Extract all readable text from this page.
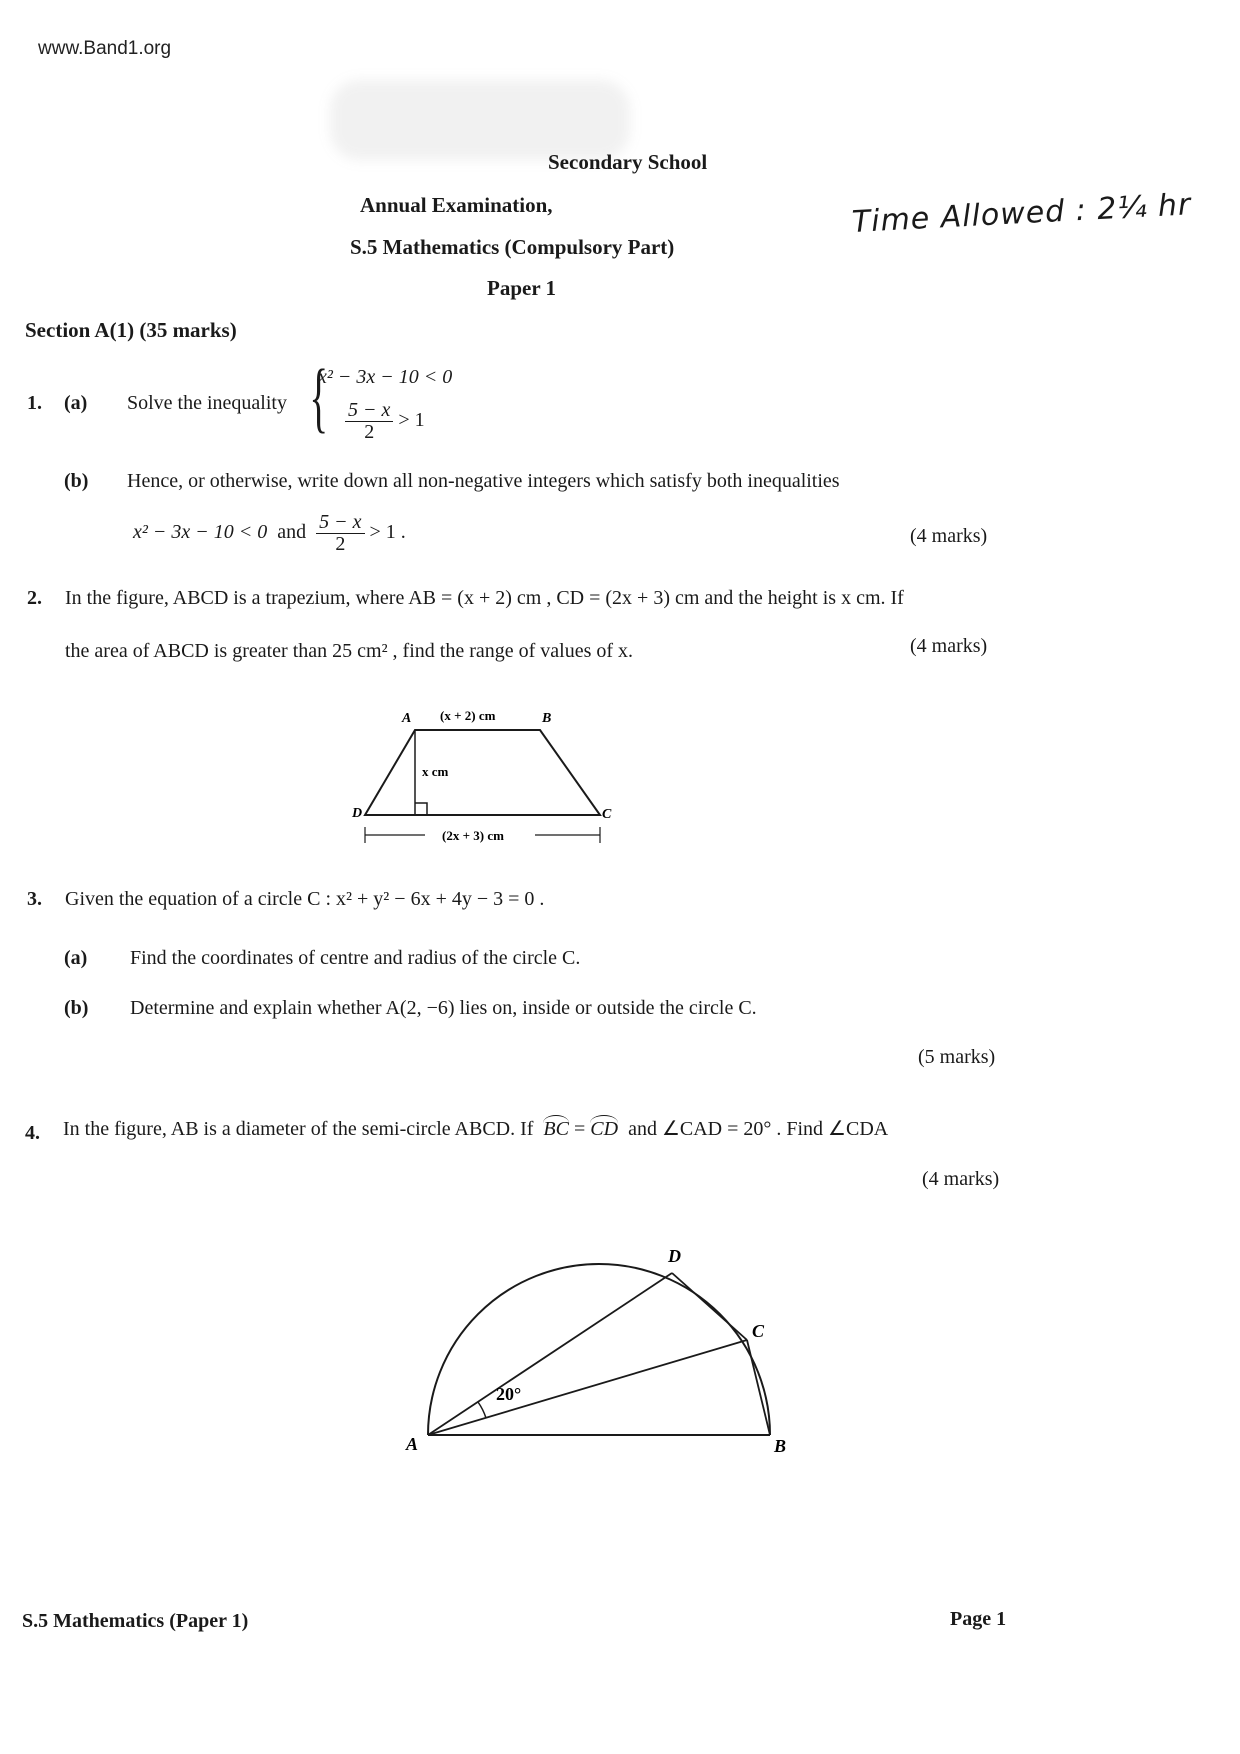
www.Band1.org
Secondary School
Annual Examination,
S.5 Mathematics (Compulsory Part)
Paper 1
Time Allowed : 2¼ hr
Section A(1) (35 marks)
1. (a) Solve the inequality {
x² − 3x − 10 < 0
$\frac{5 - x}{2} > 1$
(b) Hence, or otherwise, write down all non-negative integers which satisfy both inequalities
x² − 3x − 10 < 0 and $\frac{5 - x}{2} > 1$ .	(4 marks)
2. In the figure, ABCD is a trapezium, where AB = (x + 2) cm , CD = (2x + 3) cm and the height is x cm. If
the area of ABCD is greater than 25 cm² , find the range of values of x.	(4 marks)
A	B
C
D
(x + 2) cm
x cm
(2x + 3) cm
3. Given the equation of a circle C : x² + y² − 6x + 4y − 3 = 0 .
(a) Find the coordinates of centre and radius of the circle C.
(b) Determine and explain whether A(2, −6) lies on, inside or outside the circle C.
(5 marks)
4. In the figure, AB is a diameter of the semi-circle ABCD. If BC = CD and ∠CAD = 20° . Find ∠CDA
(4 marks)
20°
A	B
C
D
S.5 Mathematics (Paper 1)	Page 1
